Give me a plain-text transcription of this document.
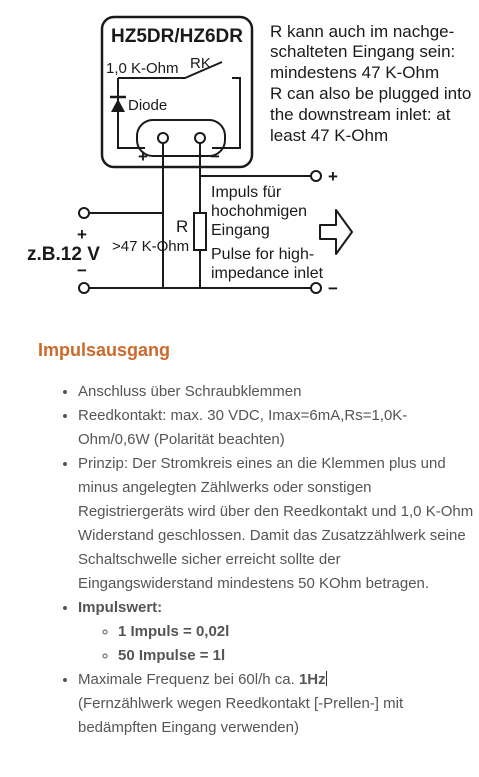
HZ5DR/HZ6DR
1,0 K-Ohm RK
Diode
+	−
R kann auch im nachge-
schalteten Eingang sein:
mindestens 47 K-Ohm
R can also be plugged into
the downstream inlet: at
least 47 K-Ohm
R
>47 K-Ohm
+
−
+
−
z.B.12 V
Impuls für
hochohmigen
Eingang
Pulse for high-
impedance inlet
Impulsausgang
• Anschluss über Schraubklemmen
• Reedkontakt: max. 30 VDC, Imax=6mA,Rs=1,0K-Ohm/0,6W (Polarität beachten)
• Prinzip: Der Stromkreis eines an die Klemmen plus und minus angelegten Zählwerks oder sonstigen Registriergeräts wird über den Reedkontakt und 1,0 K-Ohm Widerstand geschlossen. Damit das Zusatzzählwerk seine Schaltschwelle sicher erreicht sollte der Eingangswiderstand mindestens 50 KOhm betragen.
• Impulswert:
◦ 1 Impuls = 0,02l
◦ 50 Impulse = 1l
• Maximale Frequenz bei 60l/h ca. 1Hz
(Fernzählwerk wegen Reedkontakt [-Prellen-] mit bedämpften Eingang verwenden)
